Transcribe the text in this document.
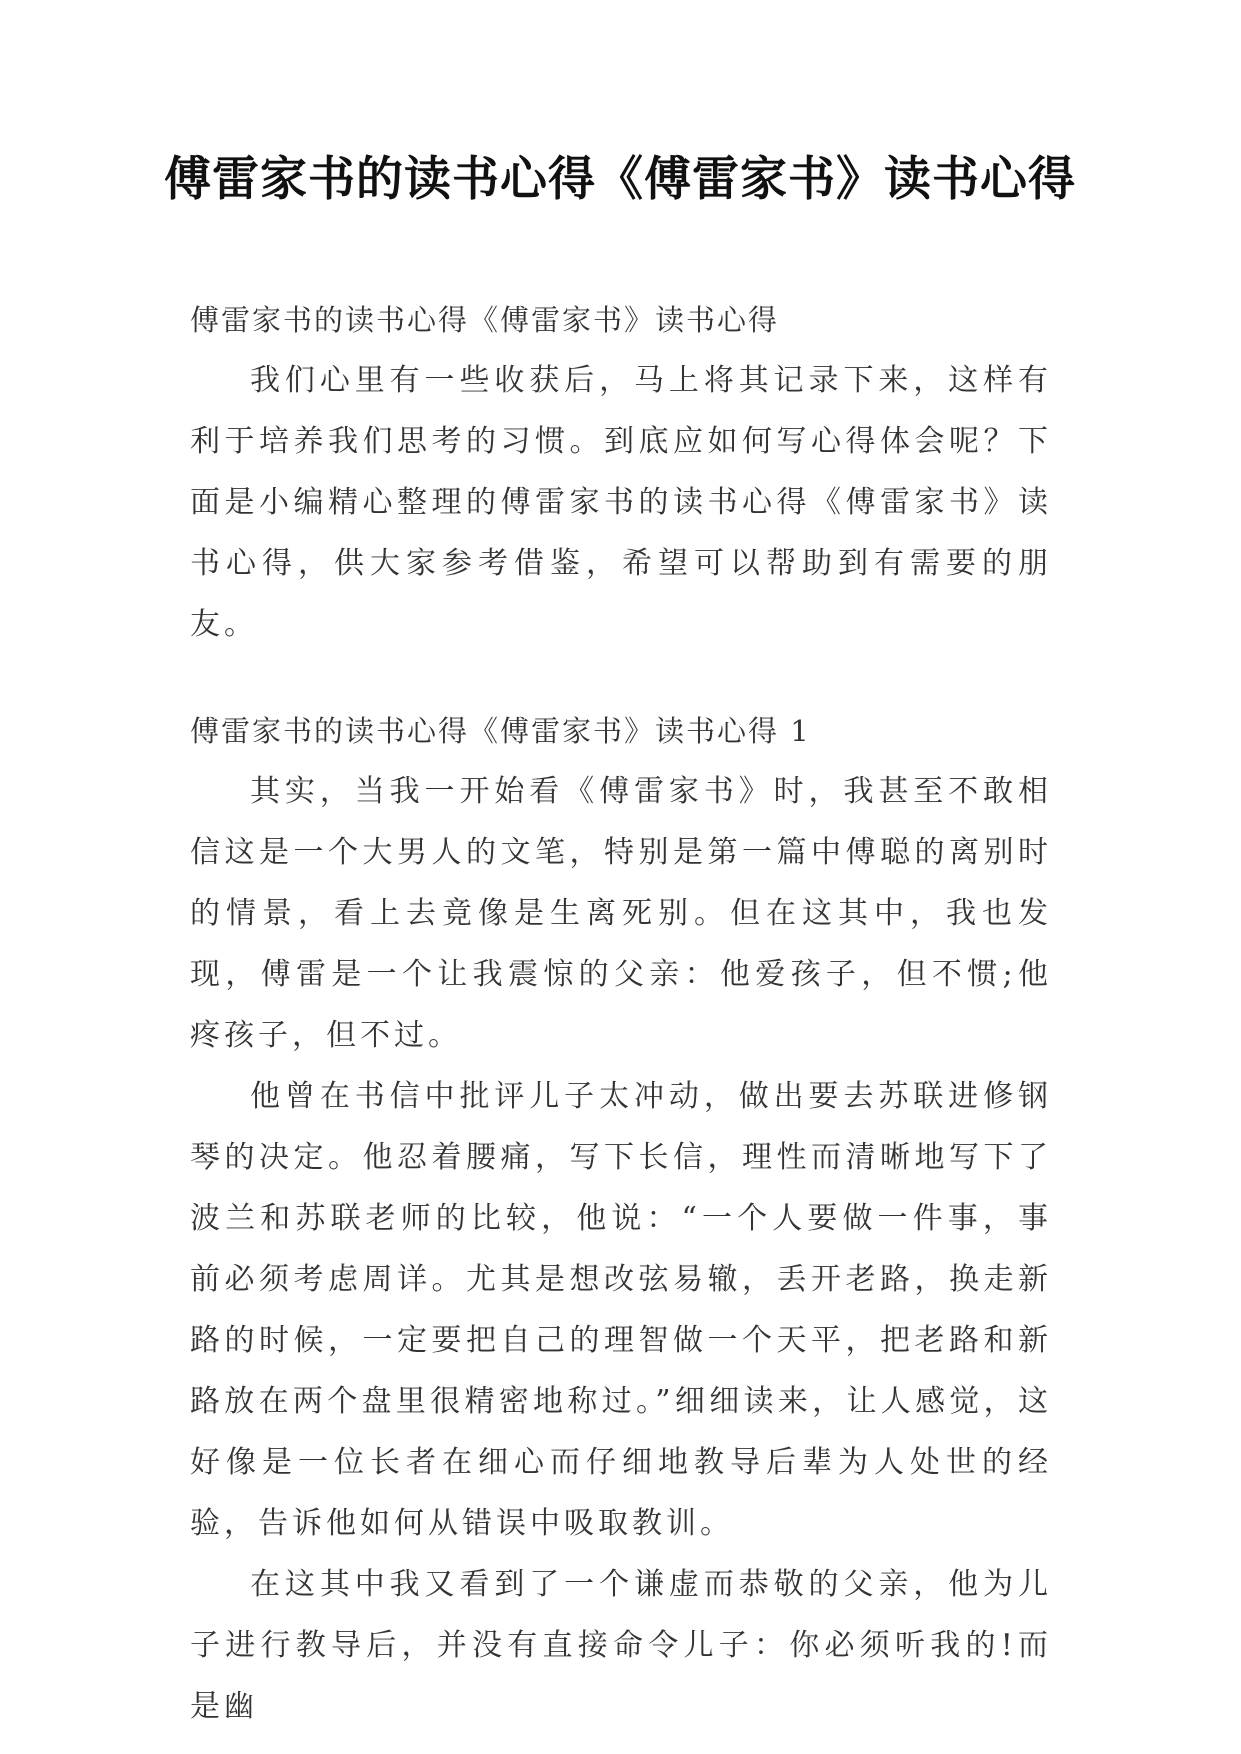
傅雷家书的读书心得《傅雷家书》读书心得

傅雷家书的读书心得《傅雷家书》读书心得

我们心里有一些收获后，马上将其记录下来，这样有利于培养我们思考的习惯。到底应如何写心得体会呢？下面是小编精心整理的傅雷家书的读书心得《傅雷家书》读书心得，供大家参考借鉴，希望可以帮助到有需要的朋友。

傅雷家书的读书心得《傅雷家书》读书心得 1

其实，当我一开始看《傅雷家书》时，我甚至不敢相信这是一个大男人的文笔，特别是第一篇中傅聪的离别时的情景，看上去竟像是生离死别。但在这其中，我也发现，傅雷是一个让我震惊的父亲：他爱孩子，但不惯;他疼孩子，但不过。

他曾在书信中批评儿子太冲动，做出要去苏联进修钢琴的决定。他忍着腰痛，写下长信，理性而清晰地写下了波兰和苏联老师的比较，他说：“一个人要做一件事，事前必须考虑周详。尤其是想改弦易辙，丢开老路，换走新路的时候，一定要把自己的理智做一个天平，把老路和新路放在两个盘里很精密地称过。”细细读来，让人感觉，这好像是一位长者在细心而仔细地教导后辈为人处世的经验，告诉他如何从错误中吸取教训。

在这其中我又看到了一个谦虚而恭敬的父亲，他为儿子进行教导后，并没有直接命令儿子：你必须听我的!而是幽
